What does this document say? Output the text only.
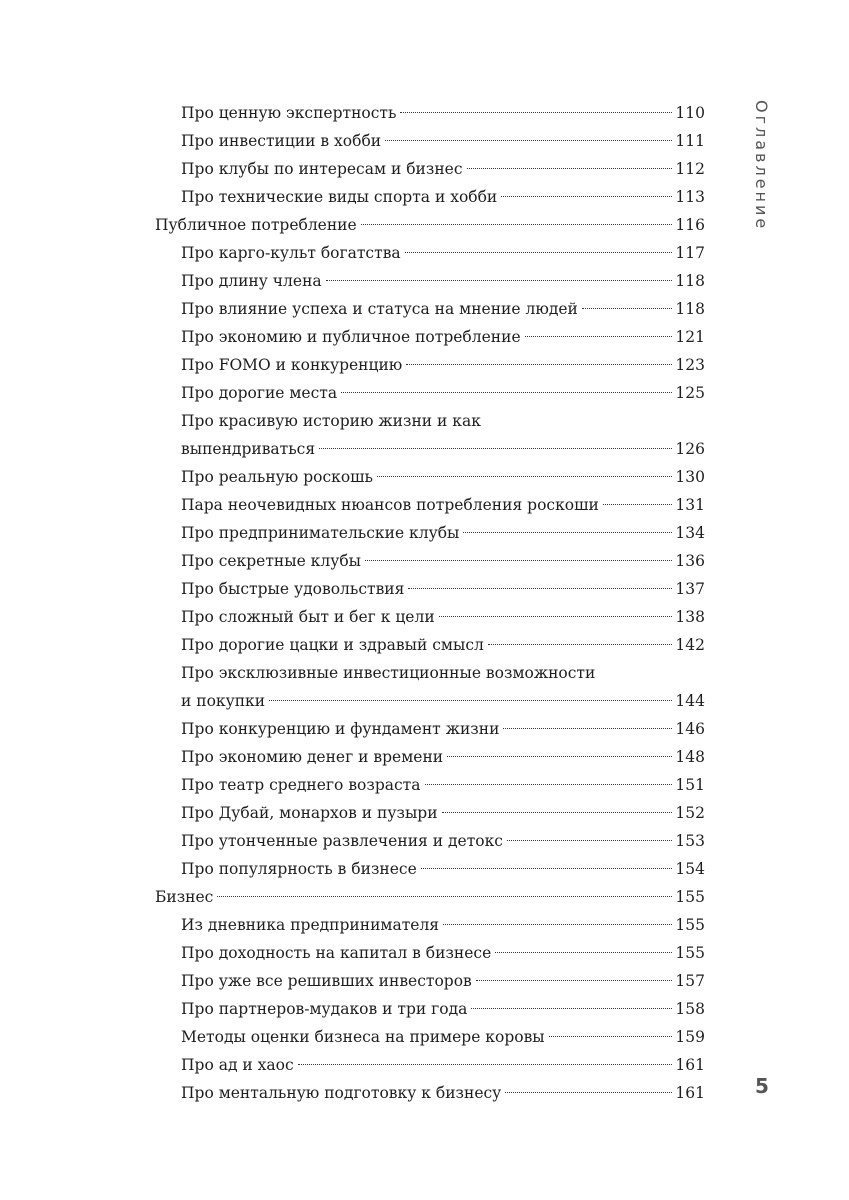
Про ценную экспертность	110
Про инвестиции в хобби	111
Про клубы по интересам и бизнес	112
Про технические виды спорта и хобби	113
Публичное потребление	116
Про карго-культ богатства	117
Про длину члена	118
Про влияние успеха и статуса на мнение людей	118
Про экономию и публичное потребление	121
Про FOMO и конкуренцию	123
Про дорогие места	125
Про красивую историю жизни и как
выпендриваться	126
Про реальную роскошь	130
Пара неочевидных нюансов потребления роскоши	131
Про предпринимательские клубы	134
Про секретные клубы	136
Про быстрые удовольствия	137
Про сложный быт и бег к цели	138
Про дорогие цацки и здравый смысл	142
Про эксклюзивные инвестиционные возможности
и покупки	144
Про конкуренцию и фундамент жизни	146
Про экономию денег и времени	148
Про театр среднего возраста	151
Про Дубай, монархов и пузыри	152
Про утонченные развлечения и детокс	153
Про популярность в бизнесе	154
Бизнес	155
Из дневника предпринимателя	155
Про доходность на капитал в бизнесе	155
Про уже все решивших инвесторов	157
Про партнеров-мудаков и три года	158
Методы оценки бизнеса на примере коровы	159
Про ад и хаос	161
Про ментальную подготовку к бизнесу	161
Оглавление
5
